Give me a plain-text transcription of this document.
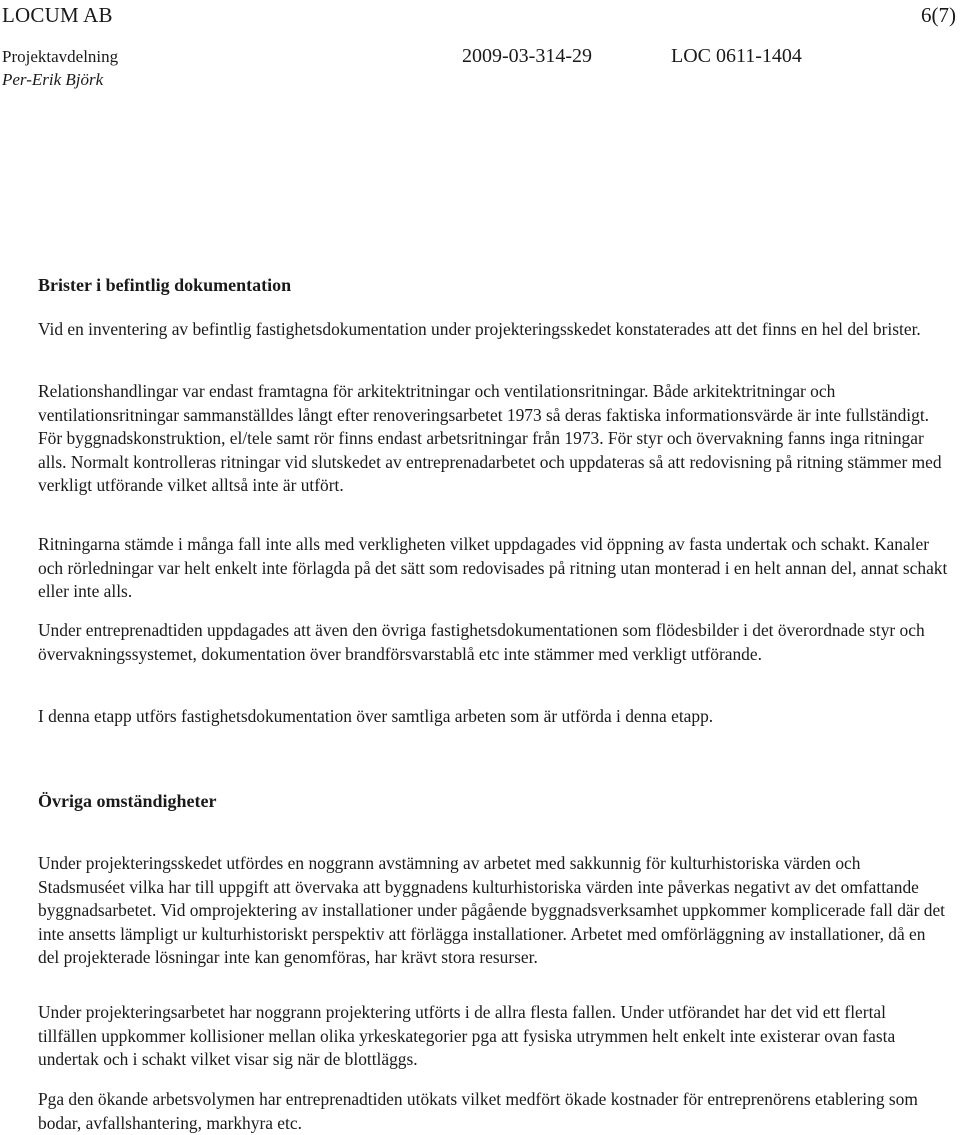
LOCUM AB	6(7)
Projektavdelning
Per-Erik Björk
2009-03-314-29	LOC 0611-1404

Brister i befintlig dokumentation

Vid en inventering av befintlig fastighetsdokumentation under projekteringsskedet konstaterades att det finns en hel del brister.

Relationshandlingar var endast framtagna för arkitektritningar och ventilationsritningar. Både arkitektritningar och ventilationsritningar sammanställdes långt efter renoveringsarbetet 1973 så deras faktiska informationsvärde är inte fullständigt. För byggnadskonstruktion, el/tele samt rör finns endast arbetsritningar från 1973. För styr och övervakning fanns inga ritningar alls. Normalt kontrolleras ritningar vid slutskedet av entreprenadarbetet och uppdateras så att redovisning på ritning stämmer med verkligt utförande vilket alltså inte är utfört.

Ritningarna stämde i många fall inte alls med verkligheten vilket uppdagades vid öppning av fasta undertak och schakt. Kanaler och rörledningar var helt enkelt inte förlagda på det sätt som redovisades på ritning utan monterad i en helt annan del, annat schakt eller inte alls.

Under entreprenadtiden uppdagades att även den övriga fastighetsdokumentationen som flödesbilder i det överordnade styr och övervakningssystemet, dokumentation över brandförsvarstablå etc inte stämmer med verkligt utförande.

I denna etapp utförs fastighetsdokumentation över samtliga arbeten som är utförda i denna etapp.

Övriga omständigheter

Under projekteringsskedet utfördes en noggrann avstämning av arbetet med sakkunnig för kulturhistoriska värden och Stadsmuséet vilka har till uppgift att övervaka att byggnadens kulturhistoriska värden inte påverkas negativt av det omfattande byggnadsarbetet. Vid omprojektering av installationer under pågående byggnadsverksamhet uppkommer komplicerade fall där det inte ansetts lämpligt ur kulturhistoriskt perspektiv att förlägga installationer. Arbetet med omförläggning av installationer, då en del projekterade lösningar inte kan genomföras, har krävt stora resurser.

Under projekteringsarbetet har noggrann projektering utförts i de allra flesta fallen. Under utförandet har det vid ett flertal tillfällen uppkommer kollisioner mellan olika yrkeskategorier pga att fysiska utrymmen helt enkelt inte existerar ovan fasta undertak och i schakt vilket visar sig när de blottläggs.

Pga den ökande arbetsvolymen har entreprenadtiden utökats vilket medfört ökade kostnader för entreprenörens etablering som bodar, avfallshantering, markhyra etc.
